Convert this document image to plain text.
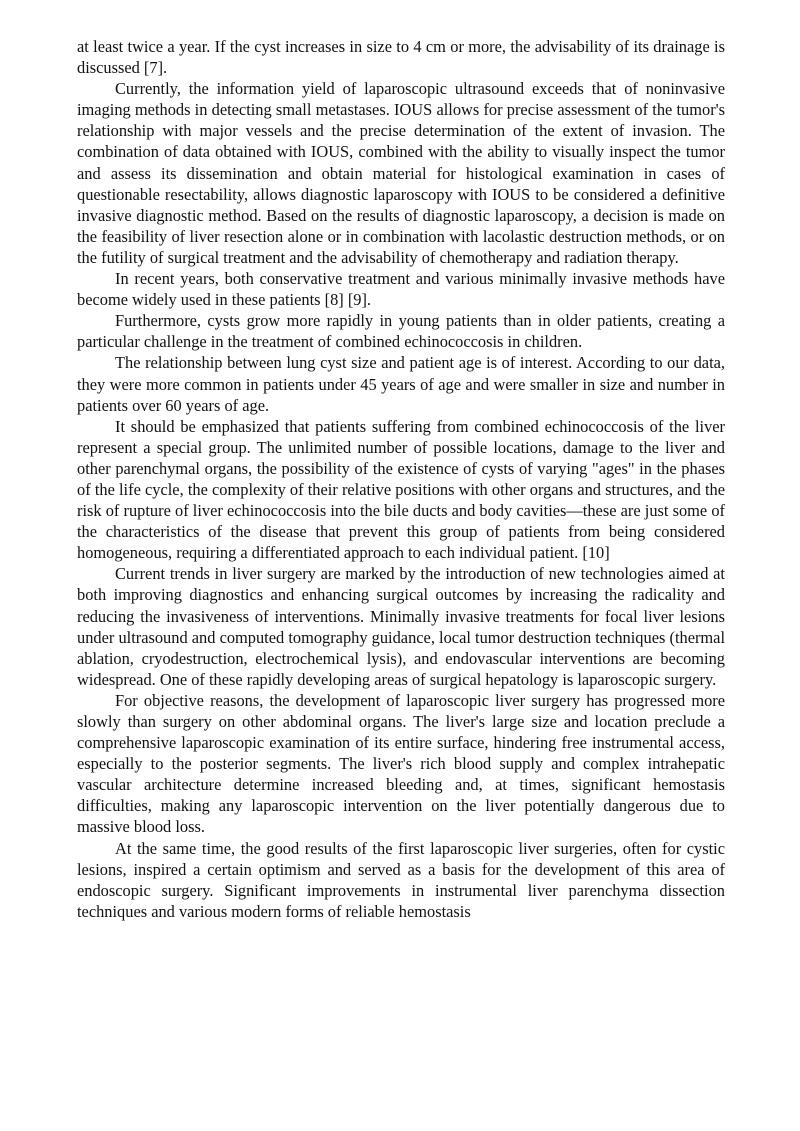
at least twice a year. If the cyst increases in size to 4 cm or more, the advisability of its drainage is discussed [7].

Currently, the information yield of laparoscopic ultrasound exceeds that of noninvasive imaging methods in detecting small metastases. IOUS allows for precise assessment of the tumor's relationship with major vessels and the precise determination of the extent of invasion. The combination of data obtained with IOUS, combined with the ability to visually inspect the tumor and assess its dissemination and obtain material for histological examination in cases of questionable resectability, allows diagnostic laparoscopy with IOUS to be considered a definitive invasive diagnostic method. Based on the results of diagnostic laparoscopy, a decision is made on the feasibility of liver resection alone or in combination with lacolastic destruction methods, or on the futility of surgical treatment and the advisability of chemotherapy and radiation therapy.

In recent years, both conservative treatment and various minimally invasive methods have become widely used in these patients [8] [9].

Furthermore, cysts grow more rapidly in young patients than in older patients, creating a particular challenge in the treatment of combined echinococcosis in children.

The relationship between lung cyst size and patient age is of interest. According to our data, they were more common in patients under 45 years of age and were smaller in size and number in patients over 60 years of age.

It should be emphasized that patients suffering from combined echinococcosis of the liver represent a special group. The unlimited number of possible locations, damage to the liver and other parenchymal organs, the possibility of the existence of cysts of varying "ages" in the phases of the life cycle, the complexity of their relative positions with other organs and structures, and the risk of rupture of liver echinococcosis into the bile ducts and body cavities—these are just some of the characteristics of the disease that prevent this group of patients from being considered homogeneous, requiring a differentiated approach to each individual patient. [10]

Current trends in liver surgery are marked by the introduction of new technologies aimed at both improving diagnostics and enhancing surgical outcomes by increasing the radicality and reducing the invasiveness of interventions. Minimally invasive treatments for focal liver lesions under ultrasound and computed tomography guidance, local tumor destruction techniques (thermal ablation, cryodestruction, electrochemical lysis), and endovascular interventions are becoming widespread. One of these rapidly developing areas of surgical hepatology is laparoscopic surgery.

For objective reasons, the development of laparoscopic liver surgery has progressed more slowly than surgery on other abdominal organs. The liver's large size and location preclude a comprehensive laparoscopic examination of its entire surface, hindering free instrumental access, especially to the posterior segments. The liver's rich blood supply and complex intrahepatic vascular architecture determine increased bleeding and, at times, significant hemostasis difficulties, making any laparoscopic intervention on the liver potentially dangerous due to massive blood loss.

At the same time, the good results of the first laparoscopic liver surgeries, often for cystic lesions, inspired a certain optimism and served as a basis for the development of this area of endoscopic surgery. Significant improvements in instrumental liver parenchyma dissection techniques and various modern forms of reliable hemostasis
